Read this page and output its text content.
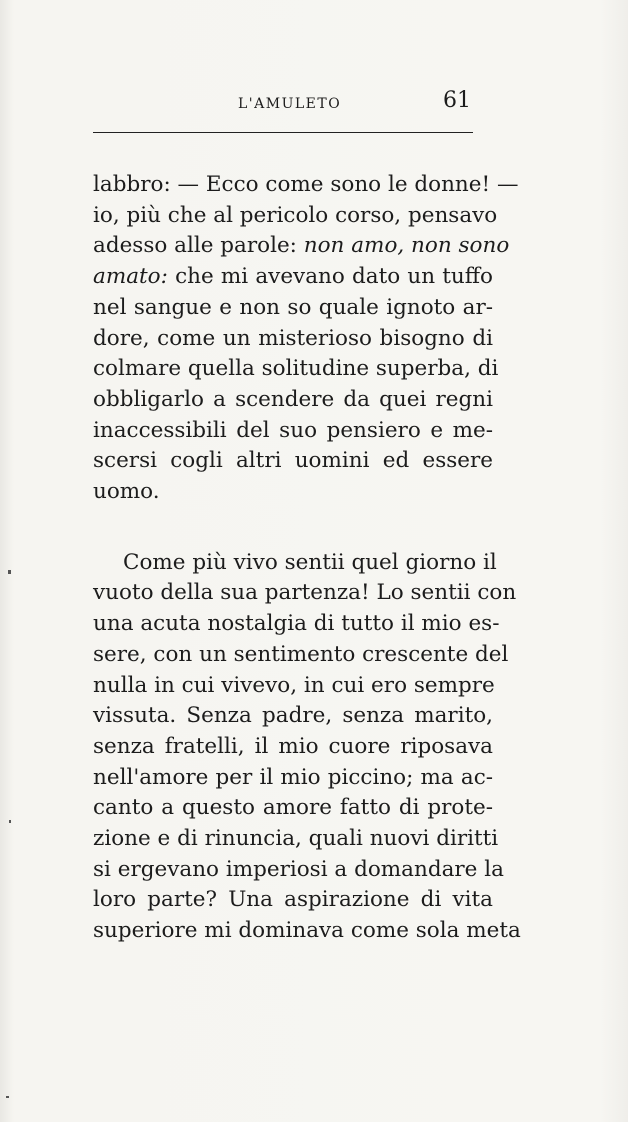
L'AMULETO	61
labbro: — Ecco come sono le donne! —
io, più che al pericolo corso, pensavo
adesso alle parole: non amo, non sono
amato: che mi avevano dato un tuffo
nel sangue e non so quale ignoto ar-
dore, come un misterioso bisogno di
colmare quella solitudine superba, di
obbligarlo a scendere da quei regni
inaccessibili del suo pensiero e me-
scersi cogli altri uomini ed essere
uomo.
Come più vivo sentii quel giorno il
vuoto della sua partenza! Lo sentii con
una acuta nostalgia di tutto il mio es-
sere, con un sentimento crescente del
nulla in cui vivevo, in cui ero sempre
vissuta. Senza padre, senza marito,
senza fratelli, il mio cuore riposava
nell'amore per il mio piccino; ma ac-
canto a questo amore fatto di prote-
zione e di rinuncia, quali nuovi diritti
si ergevano imperiosi a domandare la
loro parte? Una aspirazione di vita
superiore mi dominava come sola meta
